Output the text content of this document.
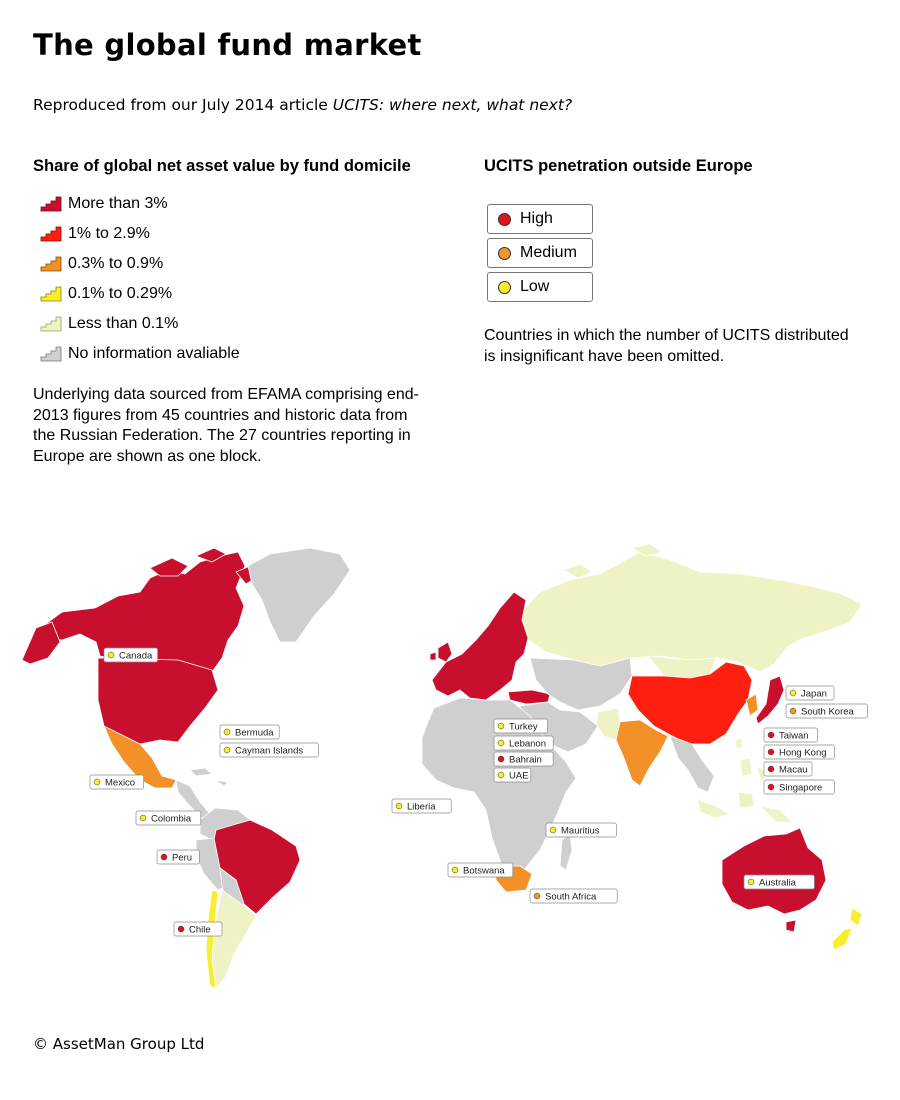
The global fund market
Reproduced from our July 2014 article UCITS: where next, what next?
Share of global net asset value by fund domicile	UCITS penetration outside Europe
More than 3%
1% to 2.9%
0.3% to 0.9%
0.1% to 0.29%
Less than 0.1%
No information avaliable
High
Medium
Low
Countries in which the number of UCITS distributed is insignificant have been omitted.
Underlying data sourced from EFAMA comprising end-2013 figures from 45 countries and historic data from the Russian Federation. The 27 countries reporting in Europe are shown as one block.
Canada
Bermuda
Cayman Islands
Mexico
Colombia
Peru
Chile
Turkey
Lebanon
Bahrain
UAE
Liberia
Mauritius
Botswana
South Africa
Japan
South Korea
Taiwan
Hong Kong
Macau
Singapore
Australia
© AssetMan Group Ltd
